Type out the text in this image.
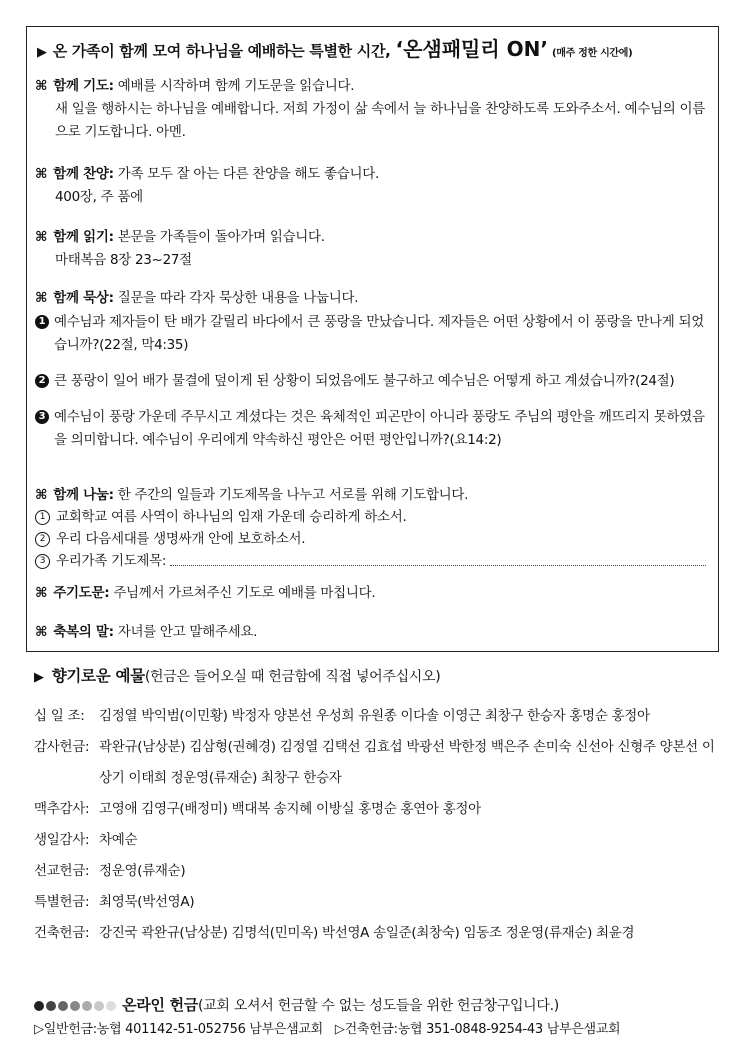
▶ 온 가족이 함께 모여 하나님을 예배하는 특별한 시간, ‘온샘패밀리 ON’ (매주 정한 시간에)
⌘ 함께 기도: 예배를 시작하며 함께 기도문을 읽습니다.
새 일을 행하시는 하나님을 예배합니다. 저희 가정이 삶 속에서 늘 하나님을 찬양하도록 도와주소서. 예수님의 이름으로 기도합니다. 아멘.
⌘ 함께 찬양: 가족 모두 잘 아는 다른 찬양을 해도 좋습니다.
400장, 주 품에
⌘ 함께 읽기: 본문을 가족들이 돌아가며 읽습니다.
마태복음 8장 23~27절
⌘ 함께 묵상: 질문을 따라 각자 묵상한 내용을 나눕니다.
1 예수님과 제자들이 탄 배가 갈릴리 바다에서 큰 풍랑을 만났습니다. 제자들은 어떤 상황에서 이 풍랑을 만나게 되었습니까?(22절, 막4:35)
2 큰 풍랑이 일어 배가 물결에 덮이게 된 상황이 되었음에도 불구하고 예수님은 어떻게 하고 계셨습니까?(24절)
3 예수님이 풍랑 가운데 주무시고 계셨다는 것은 육체적인 피곤만이 아니라 풍랑도 주님의 평안을 깨뜨리지 못하였음을 의미합니다. 예수님이 우리에게 약속하신 평안은 어떤 평안입니까?(요14:2)
⌘ 함께 나눔: 한 주간의 일들과 기도제목을 나누고 서로를 위해 기도합니다.
1 교회학교 여름 사역이 하나님의 임재 가운데 승리하게 하소서.
2 우리 다음세대를 생명싸개 안에 보호하소서.
3 우리가족 기도제목:
⌘ 주기도문: 주님께서 가르쳐주신 기도로 예배를 마칩니다.
⌘ 축복의 말: 자녀를 안고 말해주세요.
▶ 향기로운 예물(헌금은 들어오실 때 헌금함에 직접 넣어주십시오)
십 일 조:	김정열 박익범(이민황) 박정자 양본선 우성희 유원종 이다솔 이영근 최창구 한승자 홍명순 홍정아
감사헌금: 곽완규(남상분) 김삼형(권혜경) 김정열 김택선 김효섭 박광선 박한정 백은주 손미숙 신선아 신형주 양본선 이상기 이태희 정운영(류재순) 최창구 한승자
맥추감사: 고영애 김영구(배정미) 백대복 송지혜 이방실 홍명순 홍연아 홍정아
생일감사: 차예순
선교헌금: 정운영(류재순)
특별헌금: 최영묵(박선영A)
건축헌금: 강진국 곽완규(남상분) 김명석(민미옥) 박선영A 송일준(최창숙) 임동조 정운영(류재순) 최윤경
온라인 헌금(교회 오셔서 헌금할 수 없는 성도들을 위한 헌금창구입니다.)
▷일반헌금:농협 401142-51-052756 남부은샘교회 ▷건축헌금:농협 351-0848-9254-43 남부은샘교회
